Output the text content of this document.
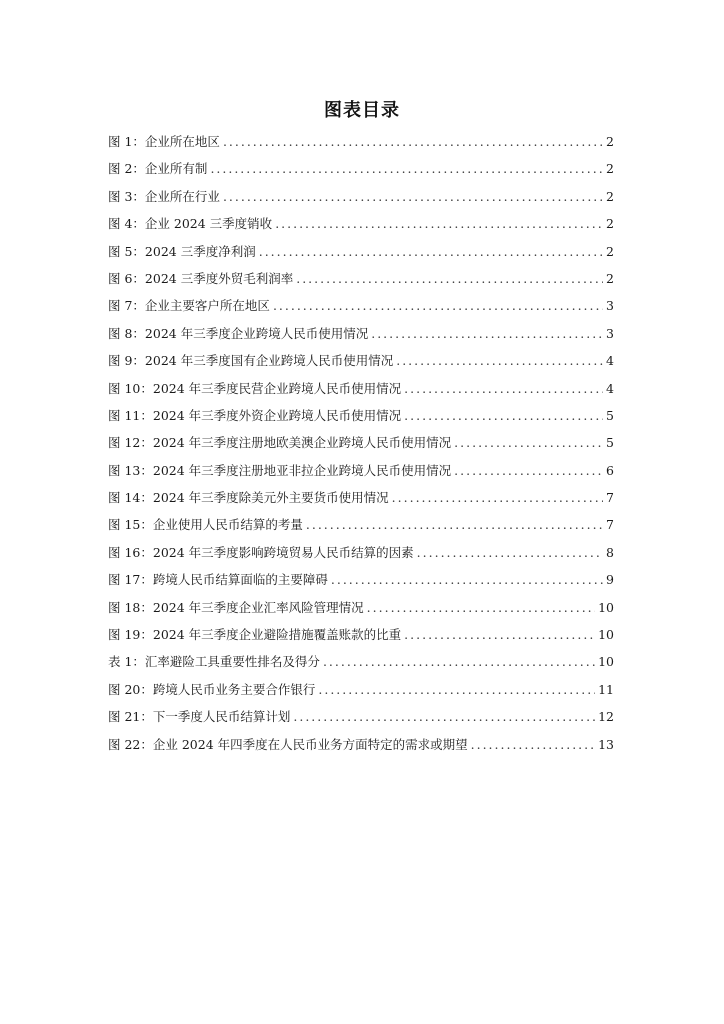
图表目录
图 1：企业所在地区 .....	2
图 2：企业所有制 .....	2
图 3：企业所在行业 .....	2
图 4：企业 2024 三季度销收 .....	2
图 5：2024 三季度净利润 .....	2
图 6：2024 三季度外贸毛利润率 .....	2
图 7：企业主要客户所在地区 .....	3
图 8：2024 年三季度企业跨境人民币使用情况 .....	3
图 9：2024 年三季度国有企业跨境人民币使用情况 .....	4
图 10：2024 年三季度民营企业跨境人民币使用情况 .....	4
图 11：2024 年三季度外资企业跨境人民币使用情况 .....	5
图 12：2024 年三季度注册地欧美澳企业跨境人民币使用情况 .....	5
图 13：2024 年三季度注册地亚非拉企业跨境人民币使用情况 .....	6
图 14：2024 年三季度除美元外主要货币使用情况 .....	7
图 15：企业使用人民币结算的考量 .....	7
图 16：2024 年三季度影响跨境贸易人民币结算的因素 .....	8
图 17：跨境人民币结算面临的主要障碍 .....	9
图 18：2024 年三季度企业汇率风险管理情况 .....	10
图 19：2024 年三季度企业避险措施覆盖账款的比重 .....	10
表 1：汇率避险工具重要性排名及得分 .....	10
图 20：跨境人民币业务主要合作银行 .....	11
图 21：下一季度人民币结算计划 .....	12
图 22：企业 2024 年四季度在人民币业务方面特定的需求或期望 .....	13
